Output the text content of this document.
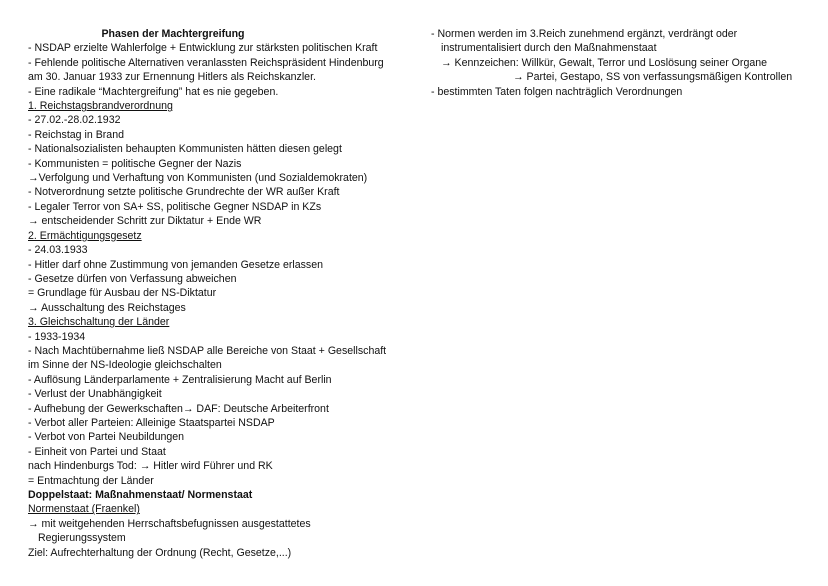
Phasen der Machtergreifung
- NSDAP erzielte Wahlerfolge + Entwicklung zur stärksten politischen Kraft
- Fehlende politische Alternativen veranlassten Reichspräsident Hindenburg
am 30. Januar 1933 zur Ernennung Hitlers als Reichskanzler.
- Eine radikale “Machtergreifung” hat es nie gegeben.
1. Reichstagsbrandverordnung
- 27.02.-28.02.1932
- Reichstag in Brand
- Nationalsozialisten behaupten Kommunisten hätten diesen gelegt
- Kommunisten = politische Gegner der Nazis
→Verfolgung und Verhaftung von Kommunisten (und Sozialdemokraten)
- Notverordnung setzte politische Grundrechte der WR außer Kraft
- Legaler Terror von SA+ SS, politische Gegner NSDAP in KZs
→ entscheidender Schritt zur Diktatur + Ende WR
2. Ermächtigungsgesetz
- 24.03.1933
- Hitler darf ohne Zustimmung von jemanden Gesetze erlassen
- Gesetze dürfen von Verfassung abweichen
= Grundlage für Ausbau der NS-Diktatur
→ Ausschaltung des Reichstages
3. Gleichschaltung der Länder
- 1933-1934
- Nach Machtübernahme ließ NSDAP alle Bereiche von Staat + Gesellschaft
im Sinne der NS-Ideologie gleichschalten
- Auflösung Länderparlamente + Zentralisierung Macht auf Berlin
- Verlust der Unabhängigkeit
- Aufhebung der Gewerkschaften→ DAF: Deutsche Arbeiterfront
- Verbot aller Parteien: Alleinige Staatspartei NSDAP
- Verbot von Partei Neubildungen
- Einheit von Partei und Staat
nach Hindenburgs Tod: → Hitler wird Führer und RK
= Entmachtung der Länder
Doppelstaat: Maßnahmenstaat/ Normenstaat
Normenstaat (Fraenkel)
→ mit weitgehenden Herrschaftsbefugnissen ausgestattetes
Regierungssystem
Ziel: Aufrechterhaltung der Ordnung (Recht, Gesetze,...)
- Normen werden im 3.Reich zunehmend ergänzt, verdrängt oder
instrumentalisiert durch den Maßnahmenstaat
→ Kennzeichen: Willkür, Gewalt, Terror und Loslösung seiner Organe
→ Partei, Gestapo, SS von verfassungsmäßigen Kontrollen
- bestimmten Taten folgen nachträglich Verordnungen
